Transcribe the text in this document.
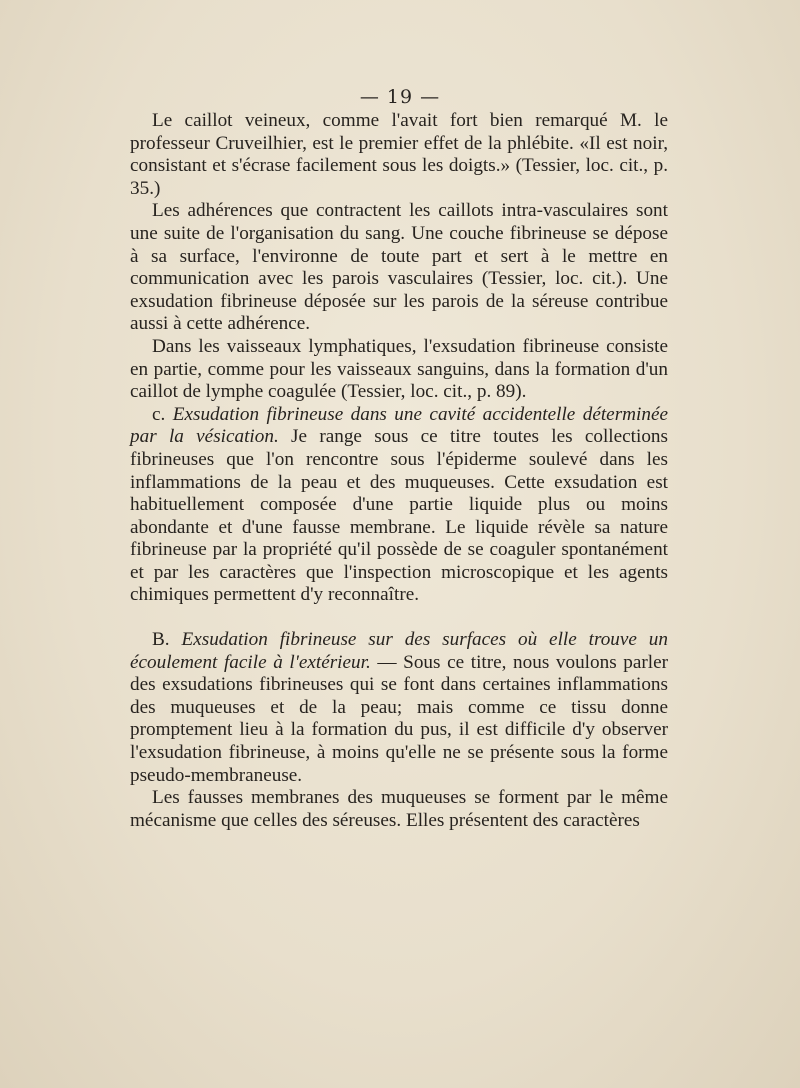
— 19 —

Le caillot veineux, comme l'avait fort bien remarqué M. le professeur Cruveilhier, est le premier effet de la phlébite. «Il est noir, consistant et s'écrase facilement sous les doigts.» (Tessier, loc. cit., p. 35.)

Les adhérences que contractent les caillots intra-vasculaires sont une suite de l'organisation du sang. Une couche fibrineuse se dépose à sa surface, l'environne de toute part et sert à le mettre en communication avec les parois vasculaires (Tessier, loc. cit.). Une exsudation fibrineuse déposée sur les parois de la séreuse contribue aussi à cette adhérence.

Dans les vaisseaux lymphatiques, l'exsudation fibrineuse consiste en partie, comme pour les vaisseaux sanguins, dans la formation d'un caillot de lymphe coagulée (Tessier, loc. cit., p. 89).

c. Exsudation fibrineuse dans une cavité accidentelle déterminée par la vésication. Je range sous ce titre toutes les collections fibrineuses que l'on rencontre sous l'épiderme soulevé dans les inflammations de la peau et des muqueuses. Cette exsudation est habituellement composée d'une partie liquide plus ou moins abondante et d'une fausse membrane. Le liquide révèle sa nature fibrineuse par la propriété qu'il possède de se coaguler spontanément et par les caractères que l'inspection microscopique et les agents chimiques permettent d'y reconnaître.

B. Exsudation fibrineuse sur des surfaces où elle trouve un écoulement facile à l'extérieur. — Sous ce titre, nous voulons parler des exsudations fibrineuses qui se font dans certaines inflammations des muqueuses et de la peau; mais comme ce tissu donne promptement lieu à la formation du pus, il est difficile d'y observer l'exsudation fibrineuse, à moins qu'elle ne se présente sous la forme pseudo-membraneuse.

Les fausses membranes des muqueuses se forment par le même mécanisme que celles des séreuses. Elles présentent des caractères
